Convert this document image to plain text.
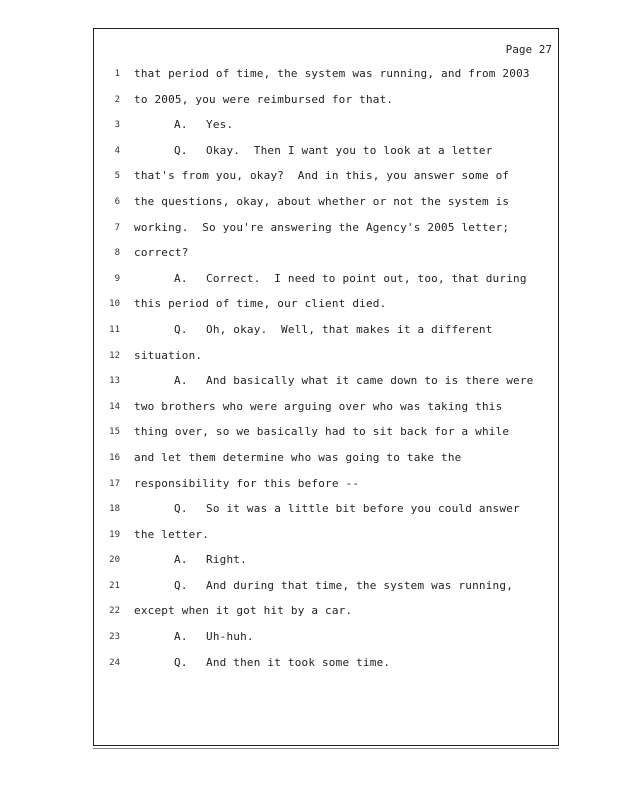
Page 27
1 that period of time, the system was running, and from 2003
2 to 2005, you were reimbursed for that.
3	A. Yes.
4	Q. Okay.  Then I want you to look at a letter
5 that's from you, okay?  And in this, you answer some of
6 the questions, okay, about whether or not the system is
7 working.  So you're answering the Agency's 2005 letter;
8 correct?
9	A. Correct.  I need to point out, too, that during
10 this period of time, our client died.
11	Q. Oh, okay.  Well, that makes it a different
12 situation.
13	A. And basically what it came down to is there were
14 two brothers who were arguing over who was taking this
15 thing over, so we basically had to sit back for a while
16 and let them determine who was going to take the
17 responsibility for this before --
18	Q. So it was a little bit before you could answer
19 the letter.
20	A. Right.
21	Q. And during that time, the system was running,
22 except when it got hit by a car.
23	A. Uh-huh.
24	Q. And then it took some time.
